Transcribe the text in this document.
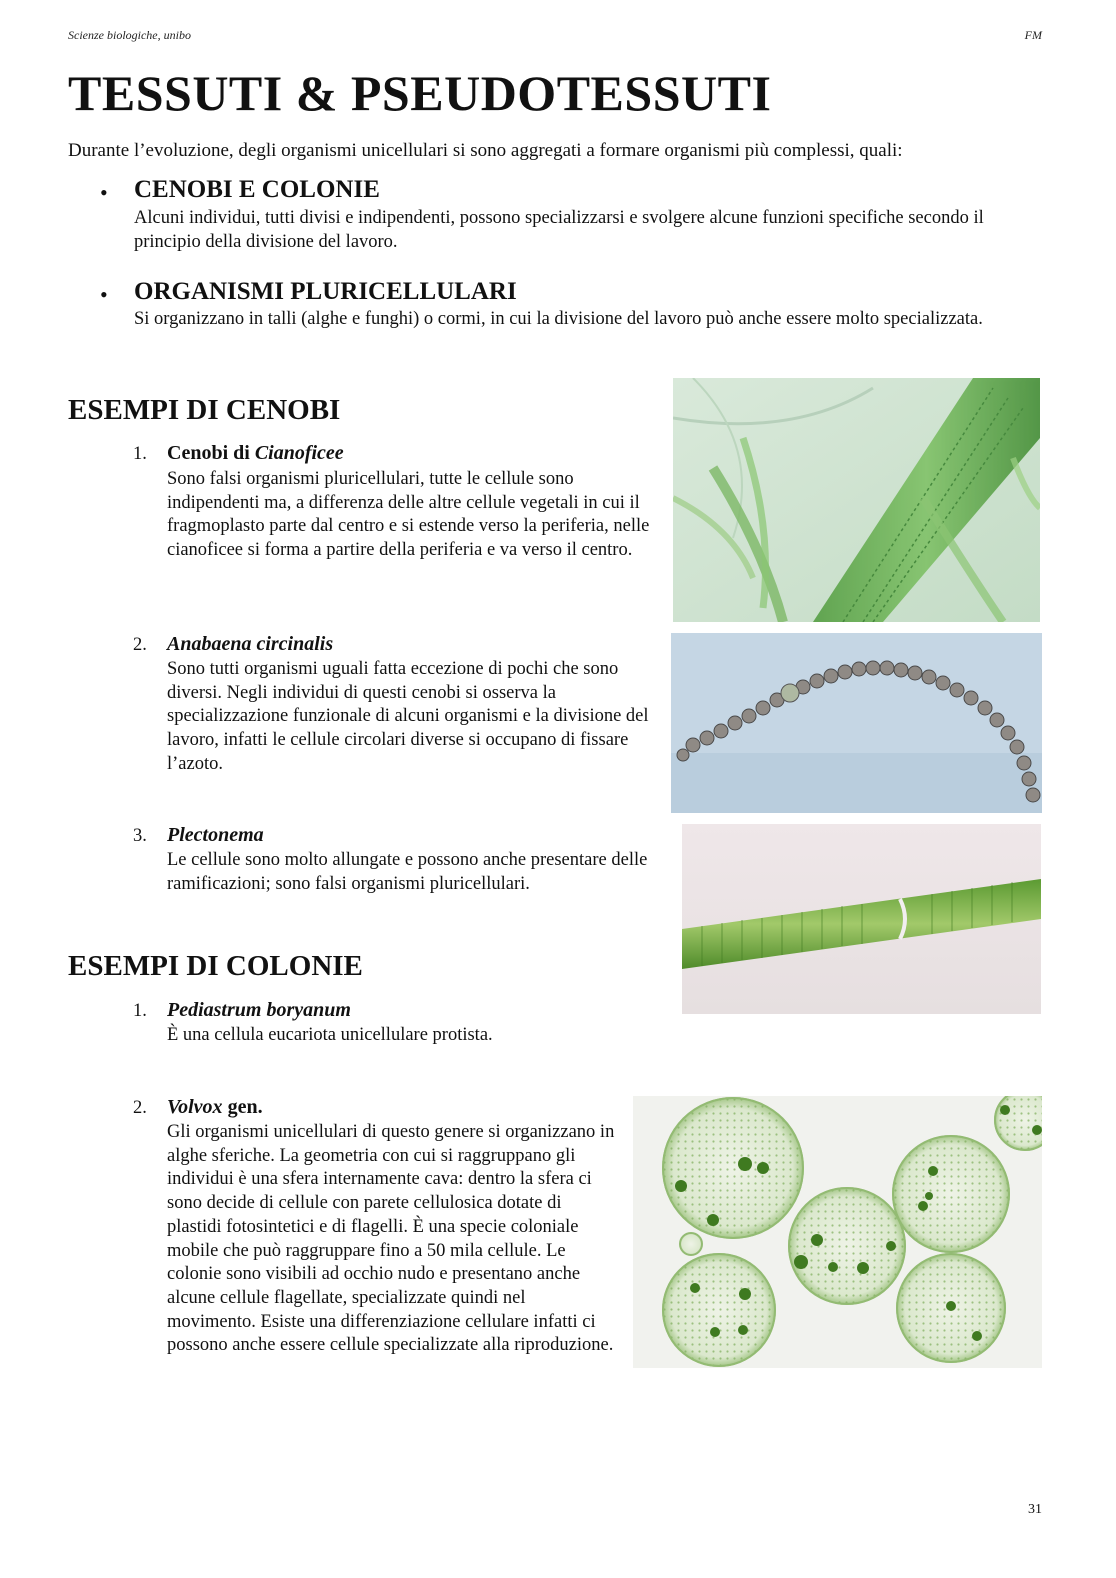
Scienze biologiche, unibo	FM
TESSUTI & PSEUDOTESSUTI
Durante l’evoluzione, degli organismi unicellulari si sono aggregati a formare organismi più complessi, quali:
• CENOBI E COLONIE
Alcuni individui, tutti divisi e indipendenti, possono specializzarsi e svolgere alcune funzioni specifiche secondo il principio della divisione del lavoro.
• ORGANISMI PLURICELLULARI
Si organizzano in talli (alghe e funghi) o cormi, in cui la divisione del lavoro può anche essere molto specializzata.
ESEMPI DI CENOBI
1. Cenobi di Cianoficee
Sono falsi organismi pluricellulari, tutte le cellule sono indipendenti ma, a differenza delle altre cellule vegetali in cui il fragmoplasto parte dal centro e si estende verso la periferia, nelle cianoficee si forma a partire della periferia e va verso il centro.
2. Anabaena circinalis
Sono tutti organismi uguali fatta eccezione di pochi che sono diversi. Negli individui di questi cenobi si osserva la specializzazione funzionale di alcuni organismi e la divisione del lavoro, infatti le cellule circolari diverse si occupano di fissare l’azoto.
3. Plectonema
Le cellule sono molto allungate e possono anche presentare delle ramificazioni; sono falsi organismi pluricellulari.
ESEMPI DI COLONIE
1. Pediastrum boryanum
È una cellula eucariota unicellulare protista.
2. Volvox gen.
Gli organismi unicellulari di questo genere si organizzano in alghe sferiche. La geometria con cui si raggruppano gli individui è una sfera internamente cava: dentro la sfera ci sono decide di cellule con parete cellulosica dotate di plastidi fotosintetici e di flagelli. È una specie coloniale mobile che può raggruppare fino a 50 mila cellule. Le colonie sono visibili ad occhio nudo e presentano anche alcune cellule flagellate, specializzate quindi nel movimento. Esiste una differenziazione cellulare infatti ci possono anche essere cellule specializzate alla riproduzione.
31
